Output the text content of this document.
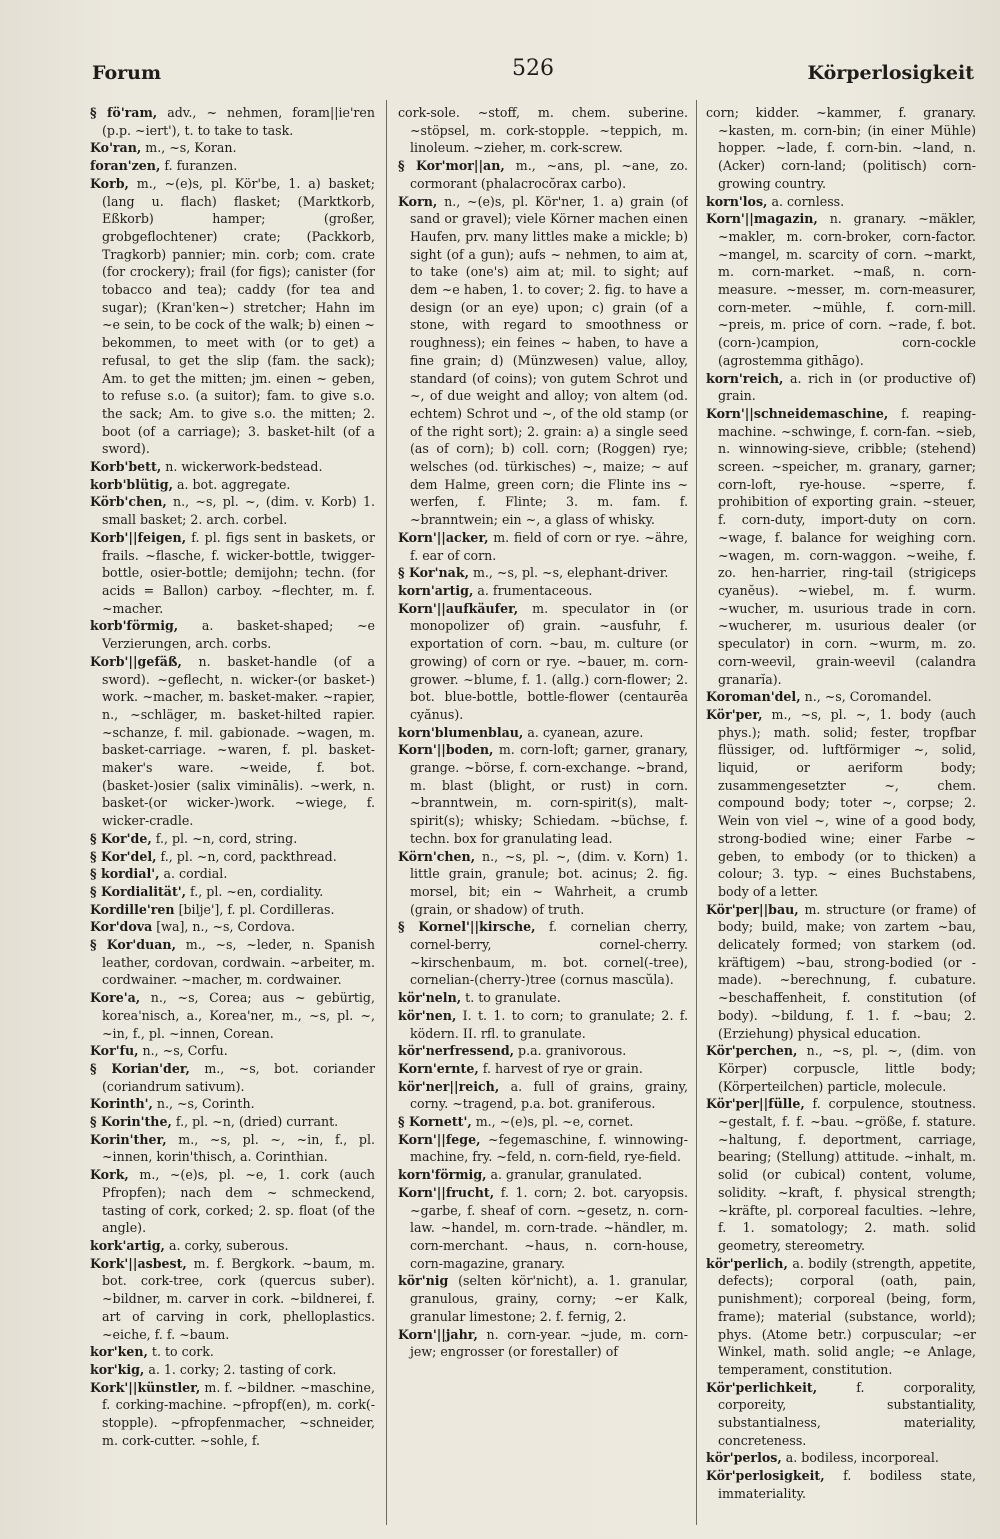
Forum	526	Körperlosigkeit

§ fö'ram, adv., ~ nehmen, foram||ie'ren (p.p. ~iert'), t. to take to task.

Ko'ran, m., ~s, Koran.

foran'zen, f. furanzen.

Korb, m., ~(e)s, pl. Kör'be, 1. a) basket; (lang u. flach) flasket; (Marktkorb, Eßkorb) hamper; (großer, grobgeflochtener) crate; (Packkorb, Tragkorb) pannier; min. corb; com. crate (for crockery); frail (for figs); canister (for tobacco and tea); caddy (for tea and sugar); (Kran'ken~) stretcher; Hahn im ~e sein, to be cock of the walk; b) einen ~ bekommen, to meet with (or to get) a refusal, to get the slip (fam. the sack); Am. to get the mitten; jm. einen ~ geben, to refuse s.o. (a suitor); fam. to give s.o. the sack; Am. to give s.o. the mitten; 2. boot (of a carriage); 3. basket-hilt (of a sword).

Korb'bett, n. wickerwork-bedstead.

korb'blütig, a. bot. aggregate.

Körb'chen, n., ~s, pl. ~, (dim. v. Korb) 1. small basket; 2. arch. corbel.

Korb'||feigen, f. pl. figs sent in baskets, or frails. ~flasche, f. wicker-bottle, twigger-bottle, osier-bottle; demijohn; techn. (for acids = Ballon) carboy. ~flechter, m. f. ~macher.

korb'förmig, a. basket-shaped; ~e Verzierungen, arch. corbs.

Korb'||gefäß, n. basket-handle (of a sword). ~geflecht, n. wicker-(or basket-) work. ~macher, m. basket-maker. ~rapier, n., ~schläger, m. basket-hilted rapier. ~schanze, f. mil. gabionade. ~wagen, m. basket-carriage. ~waren, f. pl. basket-maker's ware. ~weide, f. bot. (basket-)osier (salix viminālis). ~werk, n. basket-(or wicker-)work. ~wiege, f. wicker-cradle.

§ Kor'de, f., pl. ~n, cord, string.

§ Kor'del, f., pl. ~n, cord, packthread.

§ kordial', a. cordial.

§ Kordialität', f., pl. ~en, cordiality.

Kordille'ren [bilje'], f. pl. Cordilleras.

Kor'dova [wa], n., ~s, Cordova.

§ Kor'duan, m., ~s, ~leder, n. Spanish leather, cordovan, cordwain. ~arbeiter, m. cordwainer. ~macher, m. cordwainer.

Kore'a, n., ~s, Corea; aus ~ gebürtig, korea'nisch, a., Korea'ner, m., ~s, pl. ~, ~in, f., pl. ~innen, Corean.

Kor'fu, n., ~s, Corfu.

§ Korian'der, m., ~s, bot. coriander (coriandrum sativum).

Korinth', n., ~s, Corinth.

§ Korin'the, f., pl. ~n, (dried) currant.

Korin'ther, m., ~s, pl. ~, ~in, f., pl. ~innen, korin'thisch, a. Corinthian.

Kork, m., ~(e)s, pl. ~e, 1. cork (auch Pfropfen); nach dem ~ schmeckend, tasting of cork, corked; 2. sp. float (of the angle).

kork'artig, a. corky, suberous.

Kork'||asbest, m. f. Bergkork. ~baum, m. bot. cork-tree, cork (quercus suber). ~bildner, m. carver in cork. ~bildnerei, f. art of carving in cork, phelloplastics. ~eiche, f. f. ~baum.

kor'ken, t. to cork.

kor'kig, a. 1. corky; 2. tasting of cork.

Kork'||künstler, m. f. ~bildner. ~maschine, f. corking-machine. ~pfropf(en), m. cork(-stopple). ~pfropfenmacher, ~schneider, m. cork-cutter. ~sohle, f.

cork-sole. ~stoff, m. chem. suberine. ~stöpsel, m. cork-stopple. ~teppich, m. linoleum. ~zieher, m. cork-screw.

§ Kor'mor||an, m., ~ans, pl. ~ane, zo. cormorant (phalacrocŏrax carbo).

Korn, n., ~(e)s, pl. Kör'ner, 1. a) grain (of sand or gravel); viele Körner machen einen Haufen, prv. many littles make a mickle; b) sight (of a gun); aufs ~ nehmen, to aim at, to take (one's) aim at; mil. to sight; auf dem ~e haben, 1. to cover; 2. fig. to have a design (or an eye) upon; c) grain (of a stone, with regard to smoothness or roughness); ein feines ~ haben, to have a fine grain; d) (Münzwesen) value, alloy, standard (of coins); von gutem Schrot und ~, of due weight and alloy; von altem (od. echtem) Schrot und ~, of the old stamp (or of the right sort); 2. grain: a) a single seed (as of corn); b) coll. corn; (Roggen) rye; welsches (od. türkisches) ~, maize; ~ auf dem Halme, green corn; die Flinte ins ~ werfen, f. Flinte; 3. m. fam. f. ~branntwein; ein ~, a glass of whisky.

Korn'||acker, m. field of corn or rye. ~ähre, f. ear of corn.

§ Kor'nak, m., ~s, pl. ~s, elephant-driver.

korn'artig, a. frumentaceous.

Korn'||aufkäufer, m. speculator in (or monopolizer of) grain. ~ausfuhr, f. exportation of corn. ~bau, m. culture (or growing) of corn or rye. ~bauer, m. corn-grower. ~blume, f. 1. (allg.) corn-flower; 2. bot. blue-bottle, bottle-flower (centaurēa cyănus).

korn'blumenblau, a. cyanean, azure.

Korn'||boden, m. corn-loft; garner, granary, grange. ~börse, f. corn-exchange. ~brand, m. blast (blight, or rust) in corn. ~branntwein, m. corn-spirit(s), malt-spirit(s); whisky; Schiedam. ~büchse, f. techn. box for granulating lead.

Körn'chen, n., ~s, pl. ~, (dim. v. Korn) 1. little grain, granule; bot. acinus; 2. fig. morsel, bit; ein ~ Wahrheit, a crumb (grain, or shadow) of truth.

§ Kornel'||kirsche, f. cornelian cherry, cornel-berry, cornel-cherry. ~kirschenbaum, m. bot. cornel(-tree), cornelian-(cherry-)tree (cornus mascŭla).

kör'neln, t. to granulate.

kör'nen, I. t. 1. to corn; to granulate; 2. f. ködern. II. rfl. to granulate.

kör'nerfressend, p.a. granivorous.

Korn'ernte, f. harvest of rye or grain.

kör'ner||reich, a. full of grains, grainy, corny. ~tragend, p.a. bot. graniferous.

§ Kornett', m., ~(e)s, pl. ~e, cornet.

Korn'||fege, ~fegemaschine, f. winnowing-machine, fry. ~feld, n. corn-field, rye-field.

korn'förmig, a. granular, granulated.

Korn'||frucht, f. 1. corn; 2. bot. caryopsis. ~garbe, f. sheaf of corn. ~gesetz, n. corn-law. ~handel, m. corn-trade. ~händler, m. corn-merchant. ~haus, n. corn-house, corn-magazine, granary.

kör'nig (selten kör'nicht), a. 1. granular, granulous, grainy, corny; ~er Kalk, granular limestone; 2. f. fernig, 2.

Korn'||jahr, n. corn-year. ~jude, m. corn-jew; engrosser (or forestaller) of

corn; kidder. ~kammer, f. granary. ~kasten, m. corn-bin; (in einer Mühle) hopper. ~lade, f. corn-bin. ~land, n. (Acker) corn-land; (politisch) corn-growing country.

korn'los, a. cornless.

Korn'||magazin, n. granary. ~mäkler, ~makler, m. corn-broker, corn-factor. ~mangel, m. scarcity of corn. ~markt, m. corn-market. ~maß, n. corn-measure. ~messer, m. corn-measurer, corn-meter. ~mühle, f. corn-mill. ~preis, m. price of corn. ~rade, f. bot. (corn-)campion, corn-cockle (agrostemma githāgo).

korn'reich, a. rich in (or productive of) grain.

Korn'||schneidemaschine, f. reaping-machine. ~schwinge, f. corn-fan. ~sieb, n. winnowing-sieve, cribble; (stehend) screen. ~speicher, m. granary, garner; corn-loft, rye-house. ~sperre, f. prohibition of exporting grain. ~steuer, f. corn-duty, import-duty on corn. ~wage, f. balance for weighing corn. ~wagen, m. corn-waggon. ~weihe, f. zo. hen-harrier, ring-tail (strigiceps cyanĕus). ~wiebel, m. f. wurm. ~wucher, m. usurious trade in corn. ~wucherer, m. usurious dealer (or speculator) in corn. ~wurm, m. zo. corn-weevil, grain-weevil (calandra granarĭa).

Koroman'del, n., ~s, Coromandel.

Kör'per, m., ~s, pl. ~, 1. body (auch phys.); math. solid; fester, tropfbar flüssiger, od. luftförmiger ~, solid, liquid, or aeriform body; zusammengesetzter ~, chem. compound body; toter ~, corpse; 2. Wein von viel ~, wine of a good body, strong-bodied wine; einer Farbe ~ geben, to embody (or to thicken) a colour; 3. typ. ~ eines Buchstabens, body of a letter.

Kör'per||bau, m. structure (or frame) of body; build, make; von zartem ~bau, delicately formed; von starkem (od. kräftigem) ~bau, strong-bodied (or -made). ~berechnung, f. cubature. ~beschaffenheit, f. constitution (of body). ~bildung, f. 1. f. ~bau; 2. (Erziehung) physical education.

Kör'perchen, n., ~s, pl. ~, (dim. von Körper) corpuscle, little body; (Körperteilchen) particle, molecule.

Kör'per||fülle, f. corpulence, stoutness. ~gestalt, f. f. ~bau. ~größe, f. stature. ~haltung, f. deportment, carriage, bearing; (Stellung) attitude. ~inhalt, m. solid (or cubical) content, volume, solidity. ~kraft, f. physical strength; ~kräfte, pl. corporeal faculties. ~lehre, f. 1. somatology; 2. math. solid geometry, stereometry.

kör'perlich, a. bodily (strength, appetite, defects); corporal (oath, pain, punishment); corporeal (being, form, frame); material (substance, world); phys. (Atome betr.) corpuscular; ~er Winkel, math. solid angle; ~e Anlage, temperament, constitution.

Kör'perlichkeit,	f. corporality, corporeity, substantiality, substantialness, materiality, concreteness.

kör'perlos, a. bodiless, incorporeal.

Kör'perlosigkeit, f. bodiless state, immateriality.
